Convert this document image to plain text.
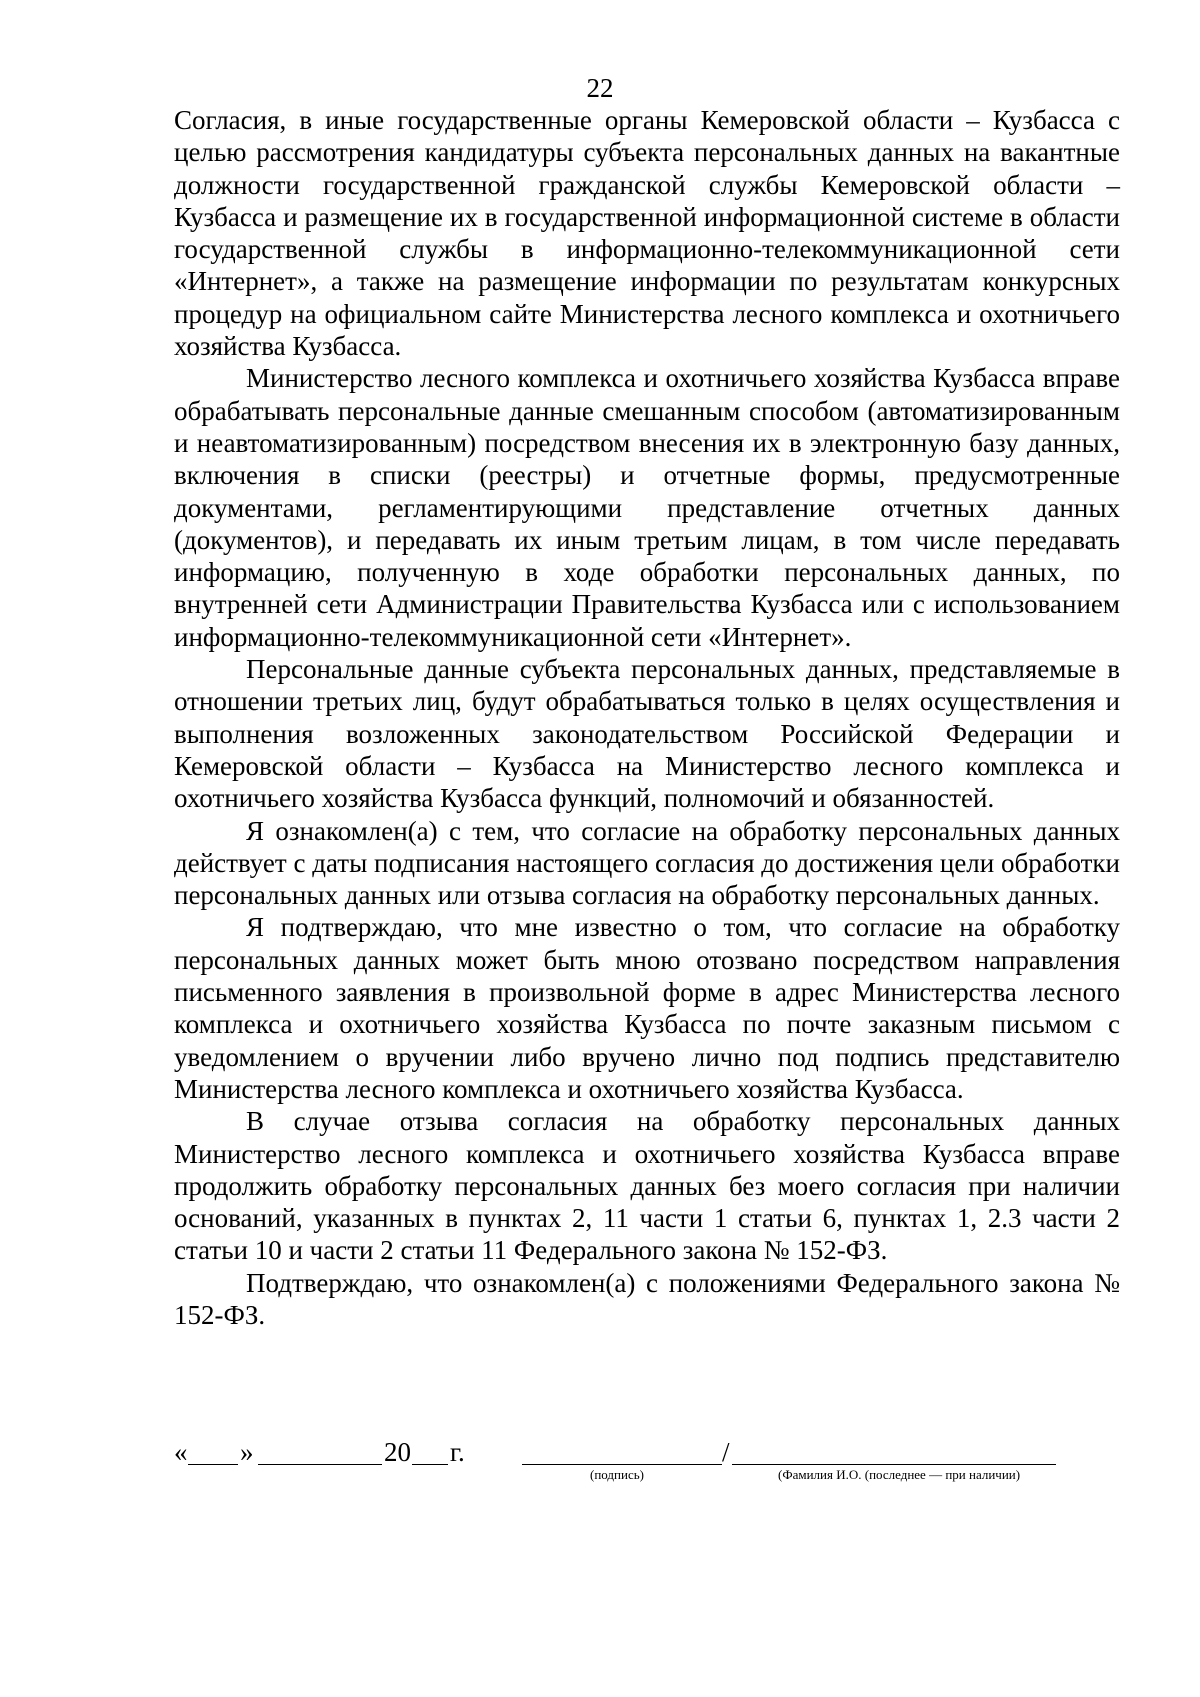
22

Согласия, в иные государственные органы Кемеровской области – Кузбасса с целью рассмотрения кандидатуры субъекта персональных данных на вакантные должности государственной гражданской службы Кемеровской области –Кузбасса и размещение их в государственной информационной системе в области государственной службы в информационно-телекоммуникационной сети «Интернет», а также на размещение информации по результатам конкурсных процедур на официальном сайте Министерства лесного комплекса и охотничьего хозяйства Кузбасса.

Министерство лесного комплекса и охотничьего хозяйства Кузбасса вправе обрабатывать персональные данные смешанным способом (автоматизированным и неавтоматизированным) посредством внесения их в электронную базу данных, включения в списки (реестры) и отчетные формы, предусмотренные документами, регламентирующими представление отчетных данных (документов), и передавать их иным третьим лицам, в том числе передавать информацию, полученную в ходе обработки персональных данных, по внутренней сети Администрации Правительства Кузбасса или с использованием информационно-телекоммуникационной сети «Интернет».

Персональные данные субъекта персональных данных, представляемые в отношении третьих лиц, будут обрабатываться только в целях осуществления и выполнения возложенных законодательством Российской Федерации и Кемеровской области – Кузбасса на Министерство лесного комплекса и охотничьего хозяйства Кузбасса функций, полномочий и обязанностей.

Я ознакомлен(а) с тем, что согласие на обработку персональных данных действует с даты подписания настоящего согласия до достижения цели обработки персональных данных или отзыва согласия на обработку персональных данных.

Я подтверждаю, что мне известно о том, что согласие на обработку персональных данных может быть мною отозвано посредством направления письменного заявления в произвольной форме в адрес Министерства лесного комплекса и охотничьего хозяйства Кузбасса по почте заказным письмом с уведомлением о вручении либо вручено лично под подпись представителю Министерства лесного комплекса и охотничьего хозяйства Кузбасса.

В случае отзыва согласия на обработку персональных данных Министерство лесного комплекса и охотничьего хозяйства Кузбасса вправе продолжить обработку персональных данных без моего согласия при наличии оснований, указанных в пунктах 2, 11 части 1 статьи 6, пунктах 1, 2.3 части 2 статьи 10 и части 2 статьи 11 Федерального закона № 152-ФЗ.

Подтверждаю, что ознакомлен(а) с положениями Федерального закона № 152-ФЗ.

« »	20 г.	/
(подпись)	(Фамилия И.О. (последнее — при наличии)
